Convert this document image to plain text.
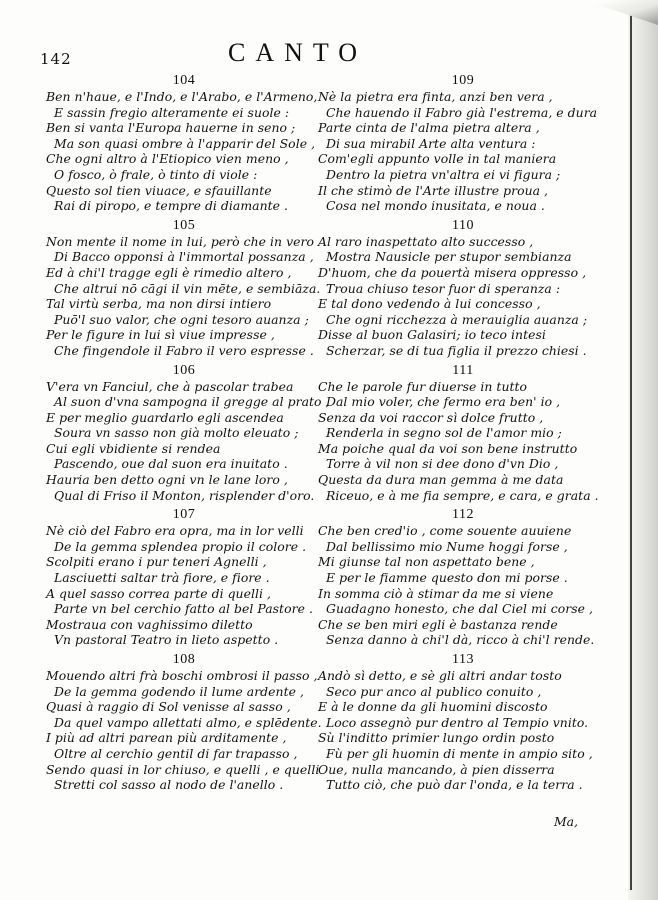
142	CANTO
104
Ben n'haue, e l'Indo, e l'Arabo, e l'Armeno,
E sassin fregio alteramente ei suole :
Ben si vanta l'Europa hauerne in seno ;
Ma son quasi ombre à l'apparir del Sole ,
Che ogni altro à l'Etiopico vien meno ,
O fosco, ò frale, ò tinto di viole :
Questo sol tien viuace, e sfauillante
Rai di piropo, e tempre di diamante .
105
Non mente il nome in lui, però che in vero
Di Bacco opponsi à l'immortal possanza ,
Ed à chi'l tragge egli è rimedio altero ,
Che altrui nō cāgi il vin mēte, e sembiāza.
Tal virtù serba, ma non dirsi intiero
Puō'l suo valor, che ogni tesoro auanza ;
Per le figure in lui sì viue impresse ,
Che fingendole il Fabro il vero espresse .
106
V'era vn Fanciul, che à pascolar trabea
Al suon d'vna sampogna il gregge al prato ,
E per meglio guardarlo egli ascendea
Soura vn sasso non già molto eleuato ;
Cui egli vbidiente si rendea
Pascendo, oue dal suon era inuitato .
Hauria ben detto ogni vn le lane loro ,
Qual di Friso il Monton, risplender d'oro.
107
Nè ciò del Fabro era opra, ma in lor velli
De la gemma splendea propio il colore .
Scolpiti erano i pur teneri Agnelli ,
Lasciuetti saltar trà fiore, e fiore .
A quel sasso correa parte di quelli ,
Parte vn bel cerchio fatto al bel Pastore .
Mostraua con vaghissimo diletto
Vn pastoral Teatro in lieto aspetto .
108
Mouendo altri frà boschi ombrosi il passo ,
De la gemma godendo il lume ardente ,
Quasi à raggio di Sol venisse al sasso ,
Da quel vampo allettati almo, e splēdente.
I più ad altri parean più arditamente ,
Oltre al cerchio gentil di far trapasso ,
Sendo quasi in lor chiuso, e quelli , e quelli
Stretti col sasso al nodo de l'anello .
109
Nè la pietra era finta, anzi ben vera ,
Che hauendo il Fabro già l'estrema, e dura
Parte cinta de l'alma pietra altera ,
Di sua mirabil Arte alta ventura :
Com'egli appunto volle in tal maniera
Dentro la pietra vn'altra ei vi figura ;
Il che stimò de l'Arte illustre proua ,
Cosa nel mondo inusitata, e noua .
110
Al raro inaspettato alto successo ,
Mostra Nausicle per stupor sembianza
D'huom, che da pouertà misera oppresso ,
Troua chiuso tesor fuor di speranza :
E tal dono vedendo à lui concesso ,
Che ogni ricchezza à merauiglia auanza ;
Disse al buon Galasiri; io teco intesi
Scherzar, se di tua figlia il prezzo chiesi .
111
Che le parole fur diuerse in tutto
Dal mio voler, che fermo era ben' io ,
Senza da voi raccor sì dolce frutto ,
Renderla in segno sol de l'amor mio ;
Ma poiche qual da voi son bene instrutto
Torre à vil non si dee dono d'vn Dio ,
Questa da dura man gemma à me data
Riceuo, e à me fia sempre, e cara, e grata .
112
Che ben cred'io , come souente auuiene
Dal bellissimo mio Nume hoggi forse ,
Mi giunse tal non aspettato bene ,
E per le fiamme questo don mi porse .
In somma ciò à stimar da me si viene
Guadagno honesto, che dal Ciel mi corse ,
Che se ben miri egli è bastanza rende
Senza danno à chi'l dà, ricco à chi'l rende.
113
Andò sì detto, e sè gli altri andar tosto
Seco pur anco al publico conuito ,
E à le donne da gli huomini discosto
Loco assegnò pur dentro al Tempio vnito.
Sù l'inditto primier lungo ordin posto
Fù per gli huomin di mente in ampio sito ,
Oue, nulla mancando, à pien disserra
Tutto ciò, che può dar l'onda, e la terra .
Ma,
